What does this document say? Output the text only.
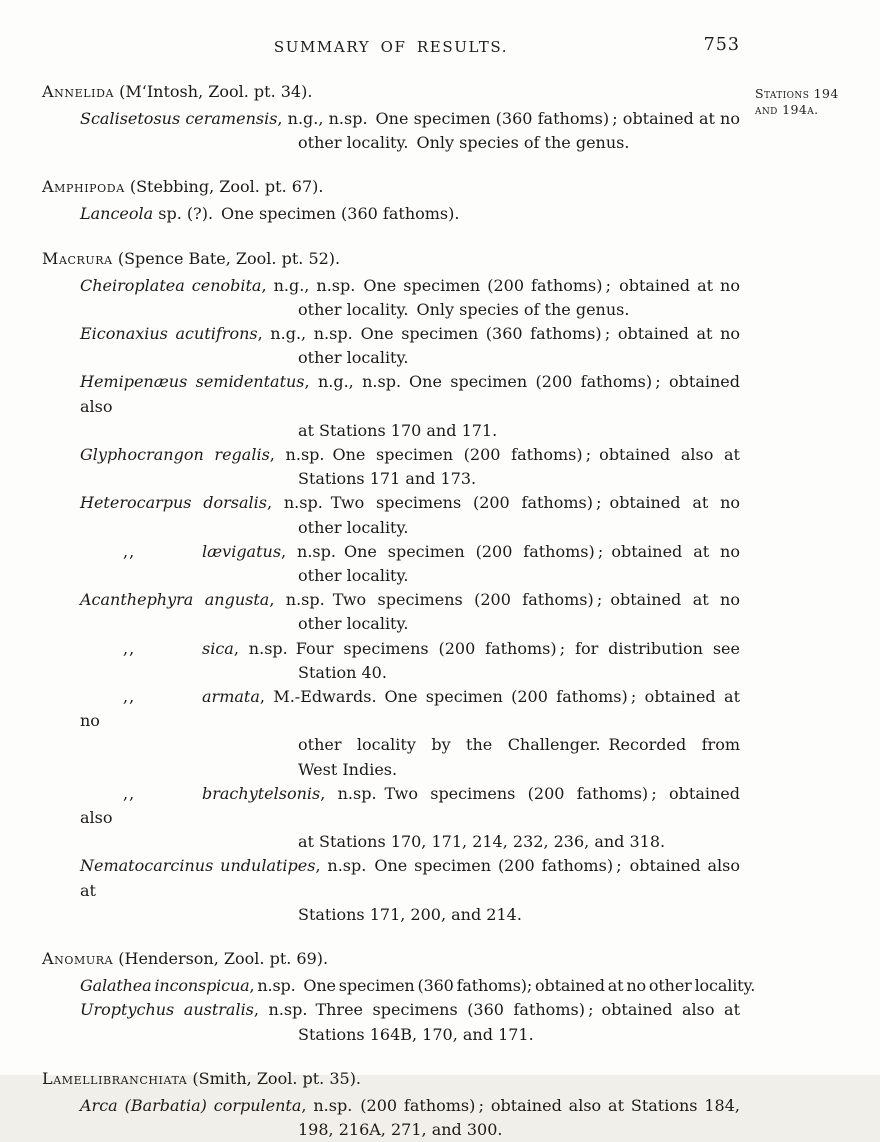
SUMMARY OF RESULTS.	753
Annelida (M‘Intosh, Zool. pt. 34).
Scalisetosus ceramensis, n.g., n.sp. One specimen (360 fathoms) ; obtained at no
other locality. Only species of the genus.
Amphipoda (Stebbing, Zool. pt. 67).
Lanceola sp. (?). One specimen (360 fathoms).
Macrura (Spence Bate, Zool. pt. 52).
Cheiroplatea cenobita, n.g., n.sp. One specimen (200 fathoms) ; obtained at no
other locality. Only species of the genus.
Eiconaxius acutifrons, n.g., n.sp. One specimen (360 fathoms) ; obtained at no
other locality.
Hemipenæus semidentatus, n.g., n.sp. One specimen (200 fathoms) ; obtained also
at Stations 170 and 171.
Glyphocrangon regalis, n.sp. One specimen (200 fathoms) ; obtained also at
Stations 171 and 173.
Heterocarpus dorsalis, n.sp. Two specimens (200 fathoms) ; obtained at no
other locality.
,,	lævigatus, n.sp. One specimen (200 fathoms) ; obtained at no
other locality.
Acanthephyra angusta, n.sp. Two specimens (200 fathoms) ; obtained at no
other locality.
,,	sica, n.sp. Four specimens (200 fathoms) ; for distribution see
Station 40.
,,	armata, M.-Edwards. One specimen (200 fathoms) ; obtained at no
other locality by the Challenger. Recorded from
West Indies.
,,	brachytelsonis, n.sp. Two specimens (200 fathoms) ; obtained also
at Stations 170, 171, 214, 232, 236, and 318.
Nematocarcinus undulatipes, n.sp. One specimen (200 fathoms) ; obtained also at
Stations 171, 200, and 214.
Anomura (Henderson, Zool. pt. 69).
Galathea inconspicua, n.sp. One specimen (360 fathoms); obtained at no other locality.
Uroptychus australis, n.sp. Three specimens (360 fathoms) ; obtained also at
Stations 164B, 170, and 171.
Lamellibranchiata (Smith, Zool. pt. 35).
Arca (Barbatia) corpulenta, n.sp. (200 fathoms) ; obtained also at Stations 184,
198, 216A, 271, and 300.
Stations 194
and 194a.
